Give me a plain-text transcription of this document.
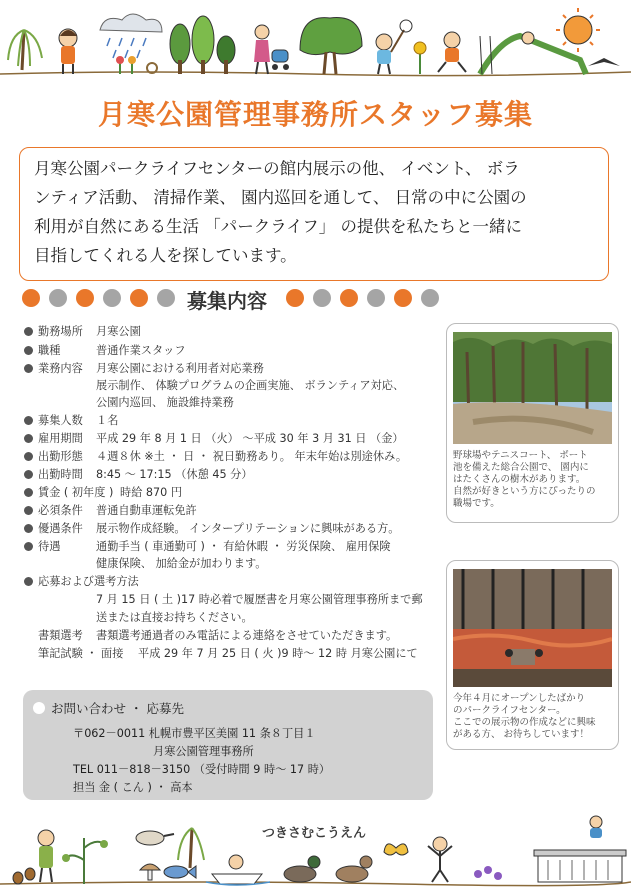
月寒公園管理事務所スタッフ募集
月寒公園パークライフセンターの館内展示の他、 イベント、 ボラ
ンティア活動、 清掃作業、 園内巡回を通して、 日常の中に公園の
利用が自然にある生活 「パークライフ」 の提供を私たちと一緒に
目指してくれる人を探しています。
募集内容
勤務場所 月寒公園
職種	普通作業スタッフ
業務内容 月寒公園における利用者対応業務
展示制作、 体験プログラムの企画実施、 ボランティア対応、
公園内巡回、 施設維持業務
募集人数 １名
雇用期間 平成 29 年 8 月 1 日 （火） 〜平成 30 年 3 月 31 日 （金）
出勤形態 ４週８休 ※土 ・ 日 ・ 祝日勤務あり。 年末年始は別途休み。
出勤時間 8:45 〜 17:15 （休憩 45 分）
賃金 ( 初年度 ) 時給 870 円
必須条件 普通自動車運転免許
優遇条件 展示物作成経験。 インタープリテーションに興味がある方。
待遇	通勤手当 ( 車通勤可 ) ・ 有給休暇 ・ 労災保険、 雇用保険
健康保険、 加給金が加わります。
応募および選考方法
7 月 15 日 ( 土 )17 時必着で履歴書を月寒公園管理事務所まで郵
送または直接お持ちください。
書類選考 書類選考通過者のみ電話による連絡をさせていただきます。
筆記試験 ・ 面接 平成 29 年 7 月 25 日 ( 火 )9 時〜 12 時 月寒公園にて
野球場やテニスコート、 ボート
池を備えた総合公園で、 園内に
はたくさんの樹木があります。
自然が好きという方にぴったりの
職場です。
今年４月にオープンしたばかり
のパークライフセンター。
ここでの展示物の作成などに興味
がある方、 お待ちしています！
お問い合わせ ・ 応募先
〒062－0011 札幌市豊平区美園 11 条８丁目１
月寒公園管理事務所
TEL 011－818－3150 （受付時間 9 時〜 17 時）
担当 金 ( こん ) ・ 高本
つきさむこうえん
